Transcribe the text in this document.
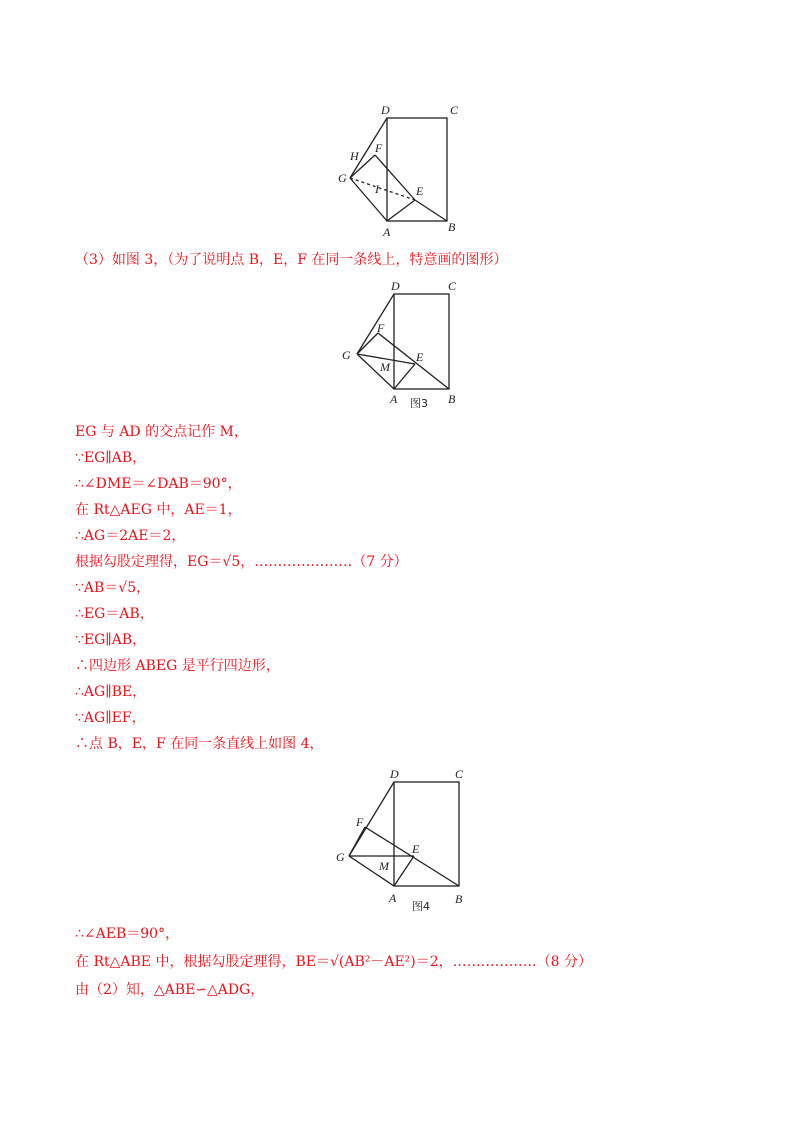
D	C
H
F
G
I	E
A	B
（3）如图 3，（为了说明点 B，E，F 在同一条线上，特意画的图形）
D	C
F
G	E
M
A 图3 B
EG 与 AD 的交点记作 M，
∵EG∥AB，
∴∠DME＝∠DAB＝90°，
在 Rt△AEG 中，AE＝1，
∴AG＝2AE＝2，
根据勾股定理得，EG＝√5，…………………（7 分）
∵AB＝√5，
∴EG＝AB，
∵EG∥AB，
∴四边形 ABEG 是平行四边形，
∴AG∥BE，
∵AG∥EF，
∴点 B，E，F 在同一条直线上如图 4，
D	C
F
G
E
M
A
图4
B
∴∠AEB＝90°，
在 Rt△ABE 中，根据勾股定理得，BE＝√(AB²－AE²)＝2，………………（8 分）
由（2）知，△ABE∽△ADG，
